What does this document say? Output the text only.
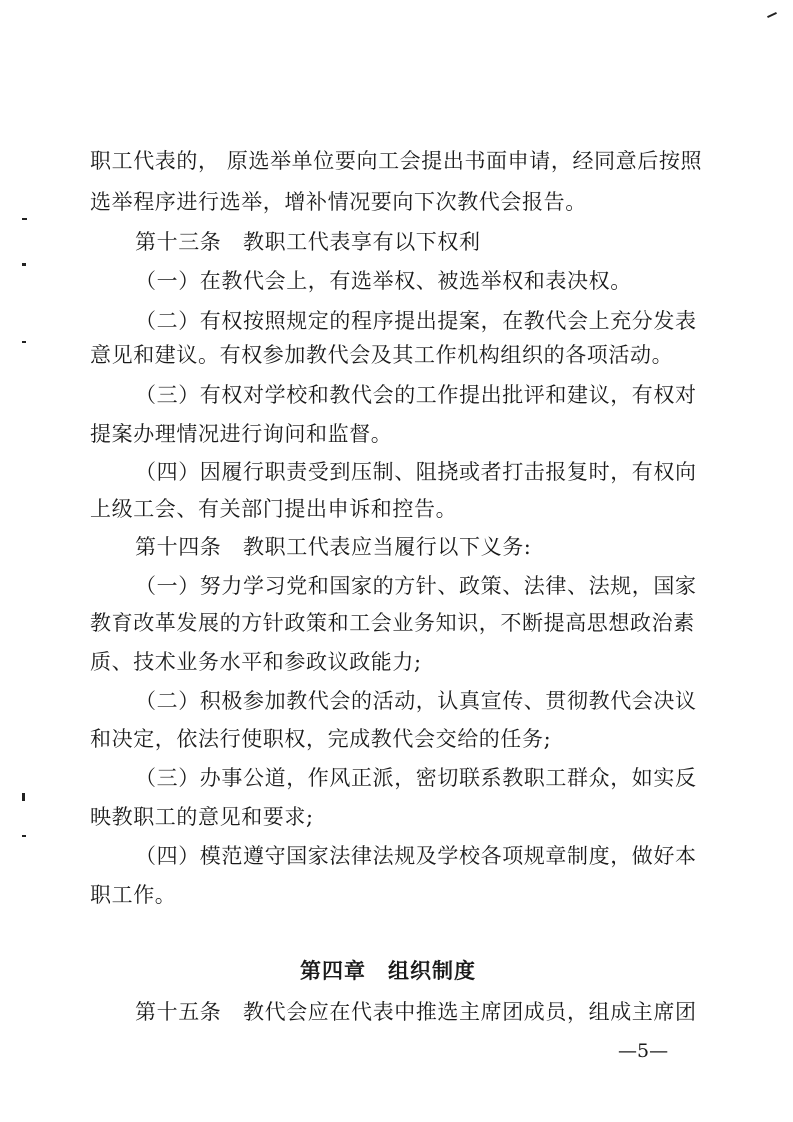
职工代表的， 原选举单位要向工会提出书面申请，经同意后按照
选举程序进行选举，增补情况要向下次教代会报告。
第十三条　教职工代表享有以下权利
（一）在教代会上，有选举权、被选举权和表决权。
（二）有权按照规定的程序提出提案，在教代会上充分发表
意见和建议。有权参加教代会及其工作机构组织的各项活动。
（三）有权对学校和教代会的工作提出批评和建议，有权对
提案办理情况进行询问和监督。
（四）因履行职责受到压制、阻挠或者打击报复时，有权向
上级工会、有关部门提出申诉和控告。
第十四条　教职工代表应当履行以下义务:
（一）努力学习党和国家的方针、政策、法律、法规，国家
教育改革发展的方针政策和工会业务知识，不断提高思想政治素
质、技术业务水平和参政议政能力;
（二）积极参加教代会的活动，认真宣传、贯彻教代会决议
和决定，依法行使职权，完成教代会交给的任务;
（三）办事公道，作风正派，密切联系教职工群众，如实反
映教职工的意见和要求;
（四）模范遵守国家法律法规及学校各项规章制度，做好本
职工作。
第四章　组织制度
第十五条　教代会应在代表中推选主席团成员，组成主席团
—5—
